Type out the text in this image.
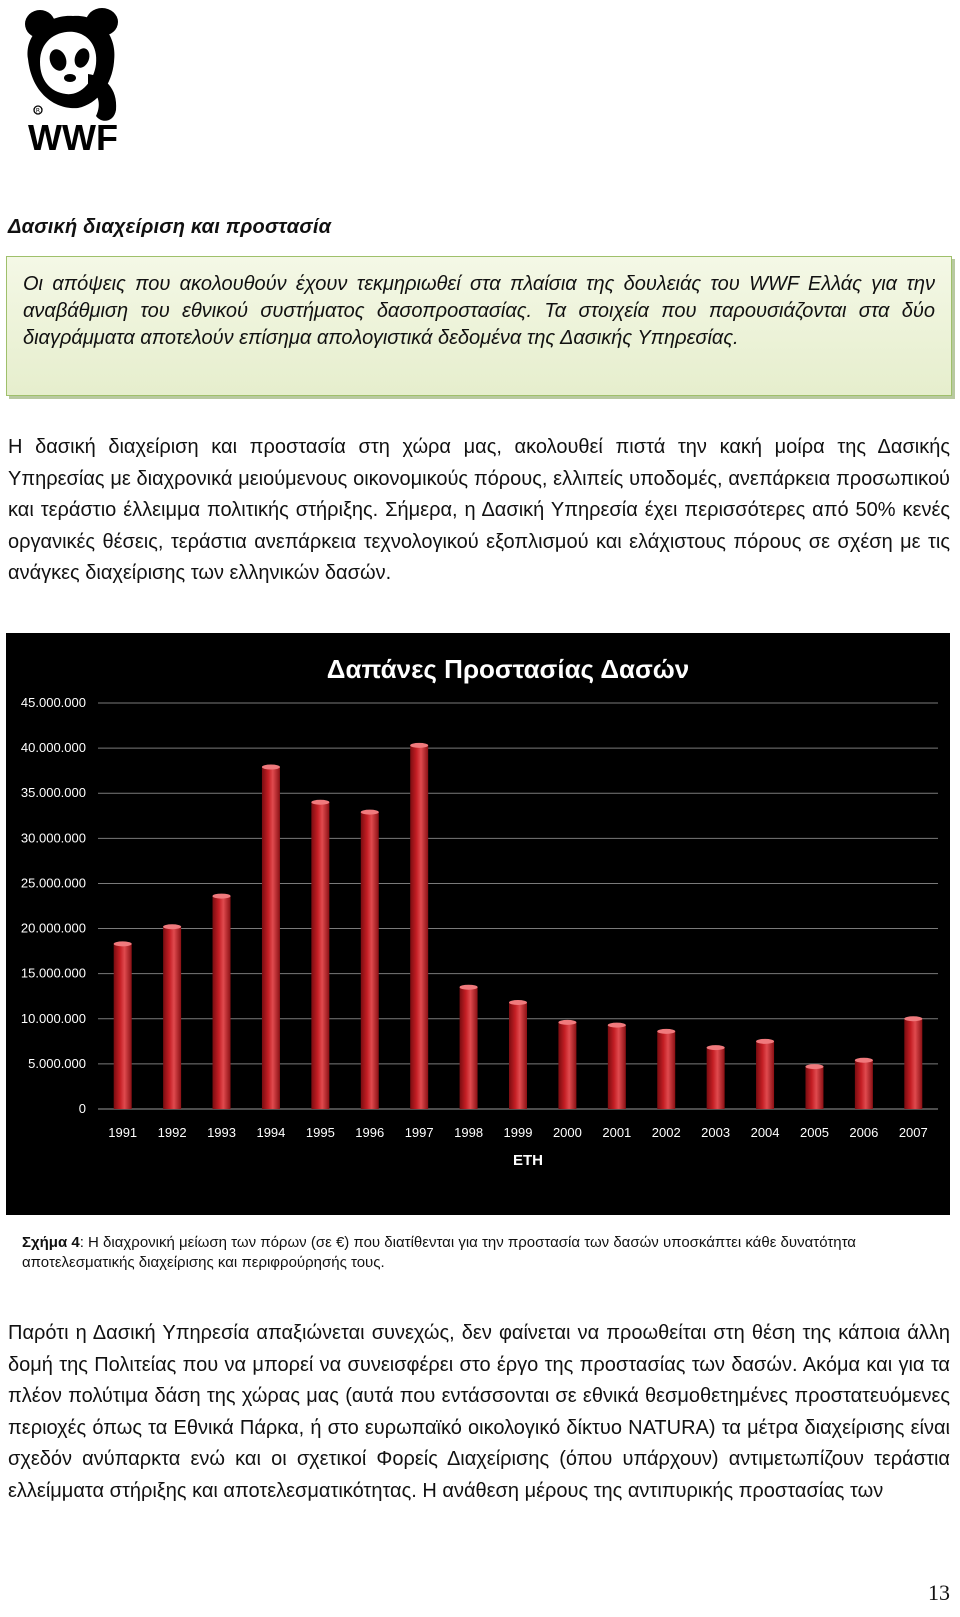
R
WWF
Δασική διαχείριση και προστασία
Οι απόψεις που ακολουθούν έχουν τεκμηριωθεί στα πλαίσια της δουλειάς του WWF Ελλάς για την αναβάθμιση του εθνικού συστήματος δασοπροστασίας. Τα στοιχεία που παρουσιάζονται στα δύο διαγράμματα αποτελούν επίσημα απολογιστικά δεδομένα της Δασικής Υπηρεσίας.
Η δασική διαχείριση και προστασία στη χώρα μας, ακολουθεί πιστά την κακή μοίρα της Δασικής Υπηρεσίας με διαχρονικά μειούμενους οικονομικούς πόρους, ελλιπείς υποδομές, ανεπάρκεια προσωπικού και τεράστιο έλλειμμα πολιτικής στήριξης. Σήμερα, η Δασική Υπηρεσία έχει περισσότερες από 50% κενές οργανικές θέσεις, τεράστια ανεπάρκεια τεχνολογικού εξοπλισμού και ελάχιστους πόρους σε σχέση με τις ανάγκες διαχείρισης των ελληνικών δασών.
Δαπάνες Προστασίας Δασών
0
5.000.000
10.000.000
15.000.000
20.000.000
25.000.000
30.000.000
35.000.000
40.000.000
45.000.000
1991 1992 1993 1994 1995 1996 1997 1998 1999 2000 2001 2002 2003 2004 2005 2006 2007
ΕΤΗ
Σχήμα 4: Η διαχρονική μείωση των πόρων (σε €) που διατίθενται για την προστασία των δασών υποσκάπτει κάθε δυνατότητα αποτελεσματικής διαχείρισης και περιφρούρησής τους.
Παρότι η Δασική Υπηρεσία απαξιώνεται συνεχώς, δεν φαίνεται να προωθείται στη θέση της κάποια άλλη δομή της Πολιτείας που να μπορεί να συνεισφέρει στο έργο της προστασίας των δασών. Ακόμα και για τα πλέον πολύτιμα δάση της χώρας μας (αυτά που εντάσσονται σε εθνικά θεσμοθετημένες προστατευόμενες περιοχές όπως τα Εθνικά Πάρκα, ή στο ευρωπαϊκό οικολογικό δίκτυο NATURA) τα μέτρα διαχείρισης είναι σχεδόν ανύπαρκτα ενώ και οι σχετικοί Φορείς Διαχείρισης (όπου υπάρχουν) αντιμετωπίζουν τεράστια ελλείμματα στήριξης και αποτελεσματικότητας. Η ανάθεση μέρους της αντιπυρικής προστασίας των
13
